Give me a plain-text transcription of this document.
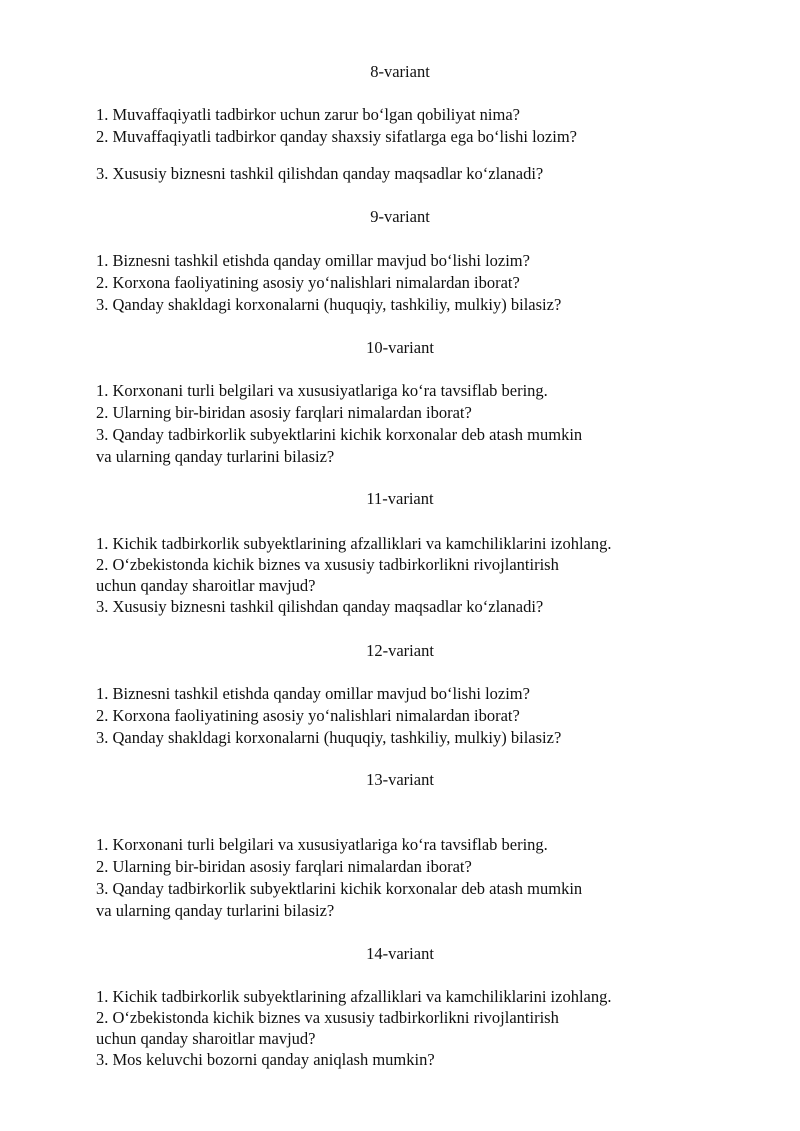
8-variant
1. Muvaffaqiyatli tadbirkor uchun zarur bo‘lgan qobiliyat nima?
2. Muvaffaqiyatli tadbirkor qanday shaxsiy sifatlarga ega bo‘lishi lozim?
3. Xususiy biznesni tashkil qilishdan qanday maqsadlar ko‘zlanadi?
9-variant
1. Biznesni tashkil etishda qanday omillar mavjud bo‘lishi lozim?
2. Korxona faoliyatining asosiy yo‘nalishlari nimalardan iborat?
3. Qanday shakldagi korxonalarni (huquqiy, tashkiliy, mulkiy) bilasiz?
10-variant
1. Korxonani turli belgilari va xususiyatlariga ko‘ra tavsiflab bering.
2. Ularning bir-biridan asosiy farqlari nimalardan iborat?
3. Qanday tadbirkorlik subyektlarini kichik korxonalar deb atash mumkin
va ularning qanday turlarini bilasiz?
11-variant
1. Kichik tadbirkorlik subyektlarining afzalliklari va kamchiliklarini izohlang.
2. O‘zbekistonda kichik biznes va xususiy tadbirkorlikni rivojlantirish
uchun qanday sharoitlar mavjud?
3. Xususiy biznesni tashkil qilishdan qanday maqsadlar ko‘zlanadi?
12-variant
1. Biznesni tashkil etishda qanday omillar mavjud bo‘lishi lozim?
2. Korxona faoliyatining asosiy yo‘nalishlari nimalardan iborat?
3. Qanday shakldagi korxonalarni (huquqiy, tashkiliy, mulkiy) bilasiz?
13-variant
1. Korxonani turli belgilari va xususiyatlariga ko‘ra tavsiflab bering.
2. Ularning bir-biridan asosiy farqlari nimalardan iborat?
3. Qanday tadbirkorlik subyektlarini kichik korxonalar deb atash mumkin
va ularning qanday turlarini bilasiz?
14-variant
1. Kichik tadbirkorlik subyektlarining afzalliklari va kamchiliklarini izohlang.
2. O‘zbekistonda kichik biznes va xususiy tadbirkorlikni rivojlantirish
uchun qanday sharoitlar mavjud?
3. Mos keluvchi bozorni qanday aniqlash mumkin?
